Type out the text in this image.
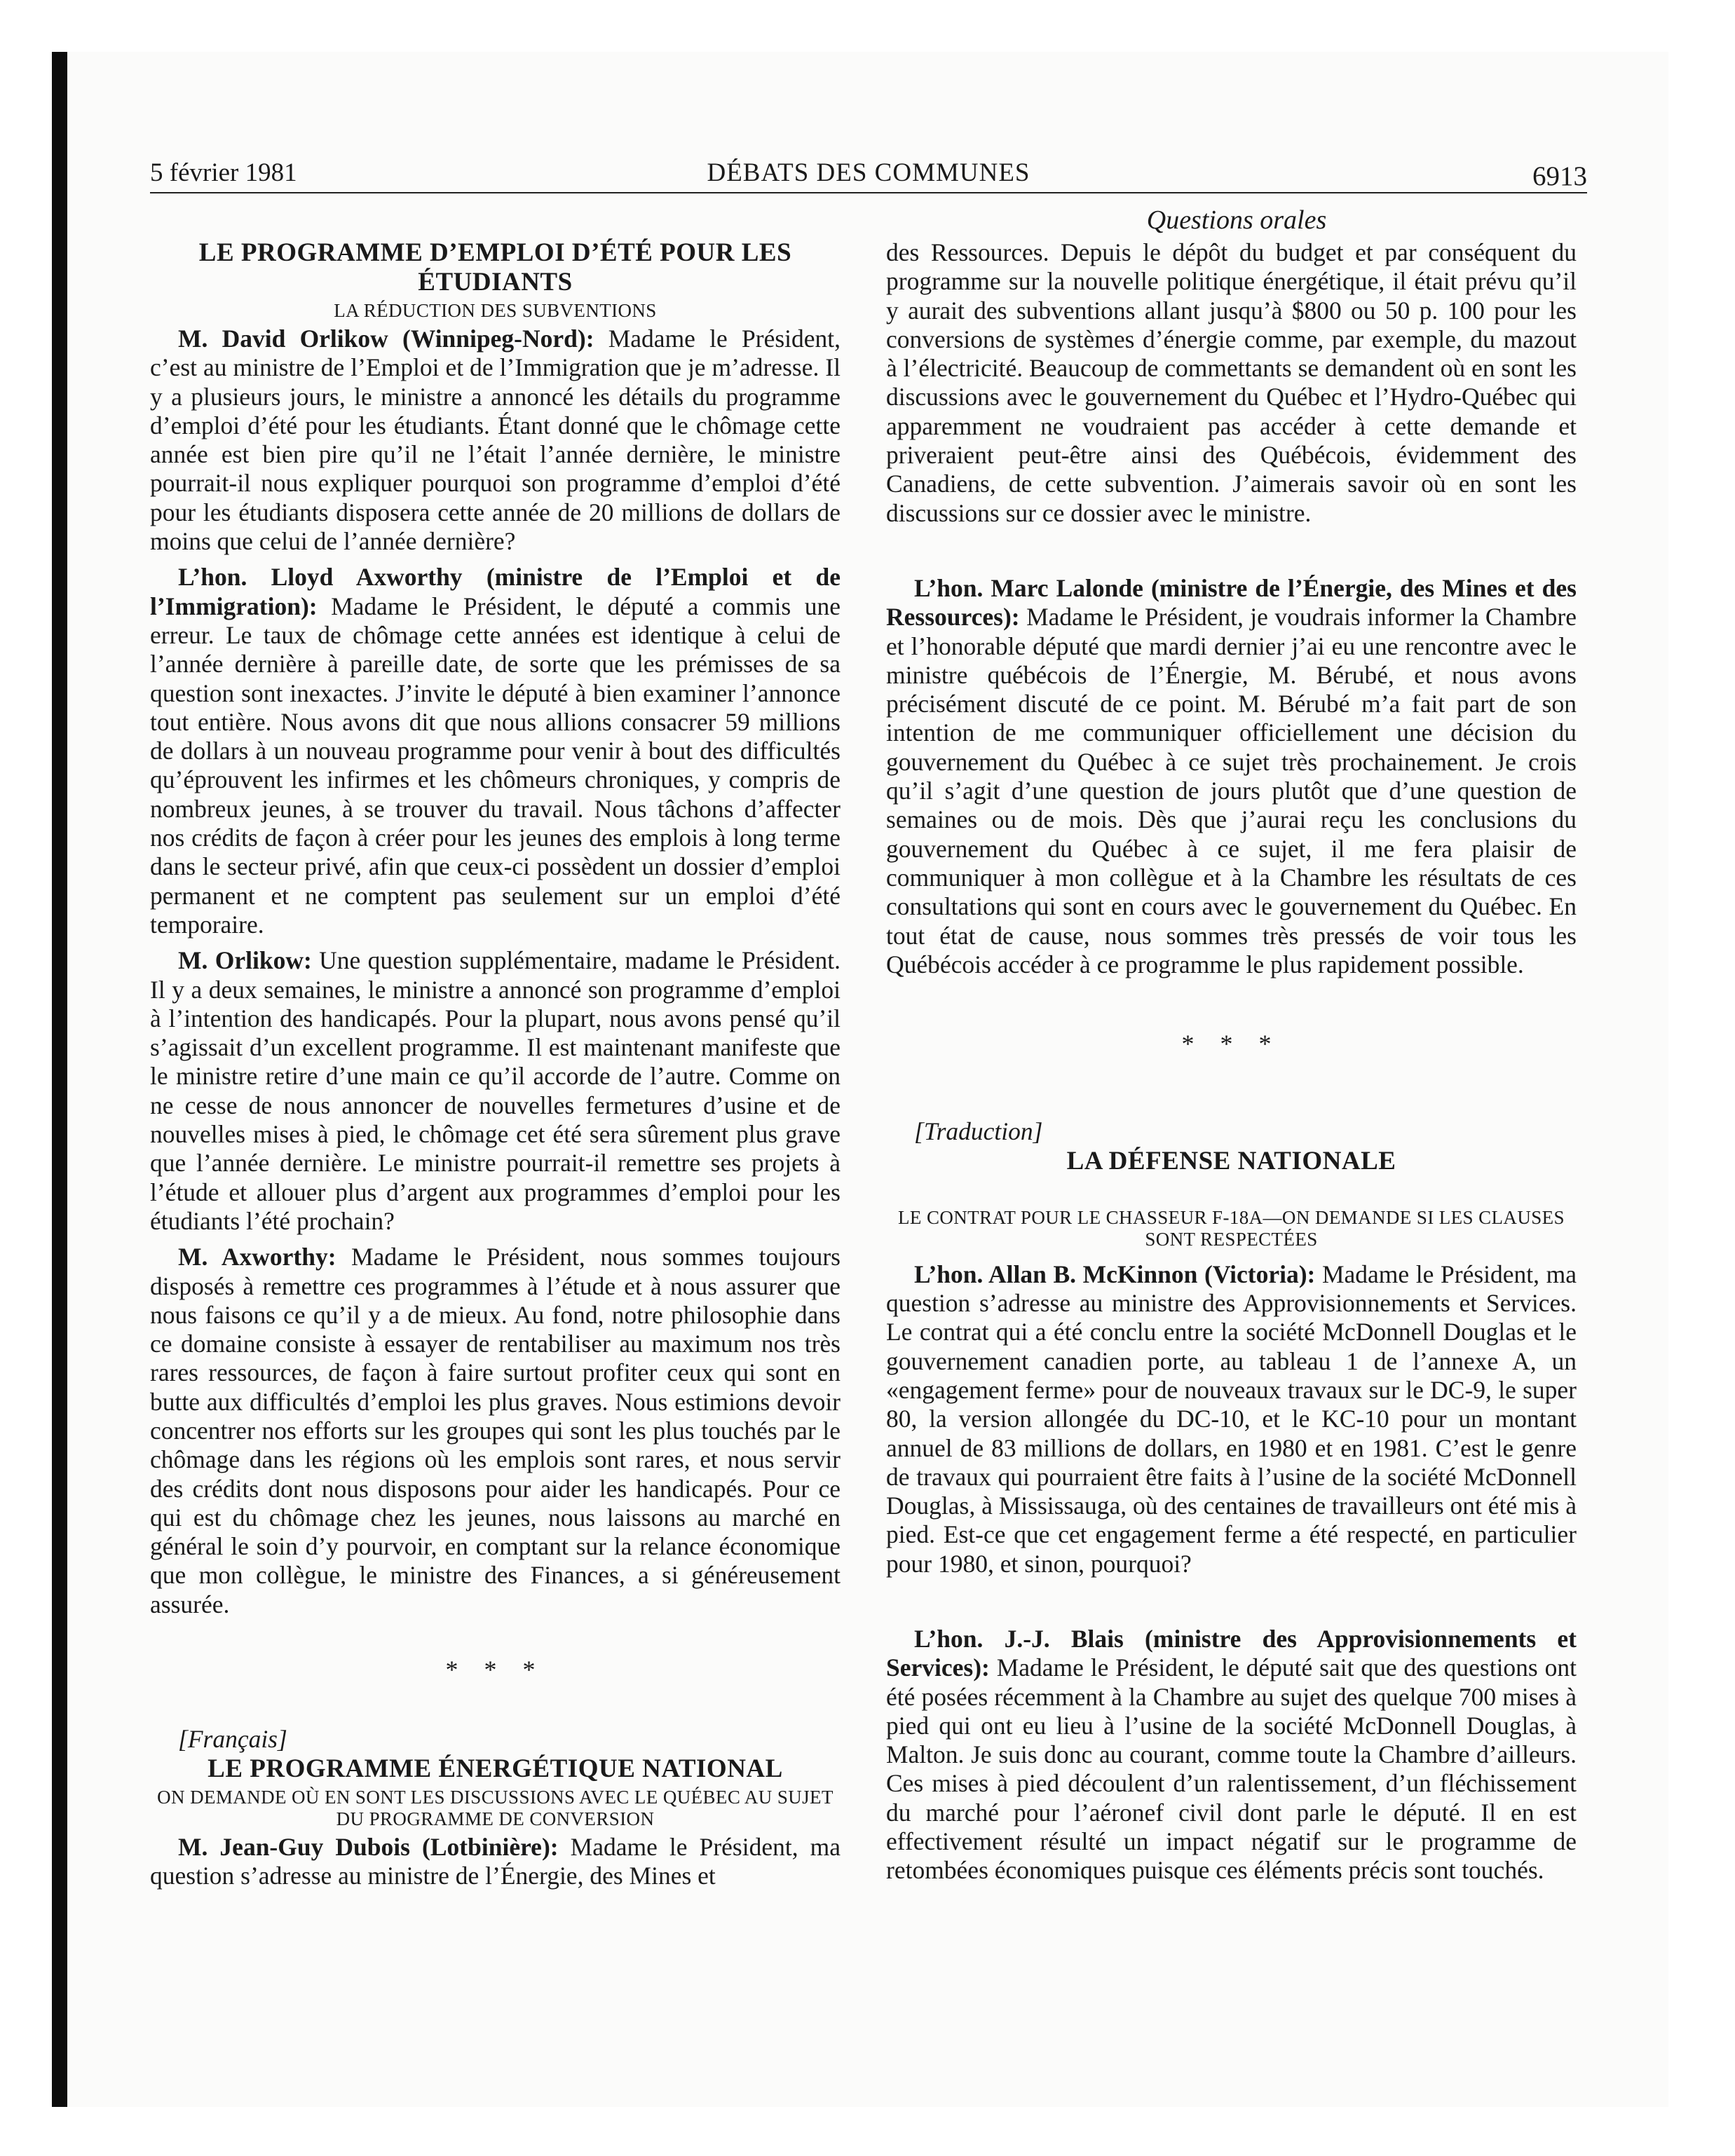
5 février 1981	DÉBATS DES COMMUNES	6913
Questions orales
LE PROGRAMME D’EMPLOI D’ÉTÉ POUR LES ÉTUDIANTS
LA RÉDUCTION DES SUBVENTIONS

M. David Orlikow (Winnipeg-Nord): Madame le Président, c’est au ministre de l’Emploi et de l’Immigration que je m’adresse. Il y a plusieurs jours, le ministre a annoncé les détails du programme d’emploi d’été pour les étudiants. Étant donné que le chômage cette année est bien pire qu’il ne l’était l’année dernière, le ministre pourrait-il nous expliquer pourquoi son programme d’emploi d’été pour les étudiants disposera cette année de 20 millions de dollars de moins que celui de l’année dernière?

L’hon. Lloyd Axworthy (ministre de l’Emploi et de l’Immigration): Madame le Président, le député a commis une erreur. Le taux de chômage cette années est identique à celui de l’année dernière à pareille date, de sorte que les prémisses de sa question sont inexactes. J’invite le député à bien examiner l’annonce tout entière. Nous avons dit que nous allions consacrer 59 millions de dollars à un nouveau programme pour venir à bout des difficultés qu’éprouvent les infirmes et les chômeurs chroniques, y compris de nombreux jeunes, à se trouver du travail. Nous tâchons d’affecter nos crédits de façon à créer pour les jeunes des emplois à long terme dans le secteur privé, afin que ceux-ci possèdent un dossier d’emploi permanent et ne comptent pas seulement sur un emploi d’été temporaire.

M. Orlikow: Une question supplémentaire, madame le Président. Il y a deux semaines, le ministre a annoncé son programme d’emploi à l’intention des handicapés. Pour la plupart, nous avons pensé qu’il s’agissait d’un excellent programme. Il est maintenant manifeste que le ministre retire d’une main ce qu’il accorde de l’autre. Comme on ne cesse de nous annoncer de nouvelles fermetures d’usine et de nouvelles mises à pied, le chômage cet été sera sûrement plus grave que l’année dernière. Le ministre pourrait-il remettre ses projets à l’étude et allouer plus d’argent aux programmes d’emploi pour les étudiants l’été prochain?

M. Axworthy: Madame le Président, nous sommes toujours disposés à remettre ces programmes à l’étude et à nous assurer que nous faisons ce qu’il y a de mieux. Au fond, notre philosophie dans ce domaine consiste à essayer de rentabiliser au maximum nos très rares ressources, de façon à faire surtout profiter ceux qui sont en butte aux difficultés d’emploi les plus graves. Nous estimions devoir concentrer nos efforts sur les groupes qui sont les plus touchés par le chômage dans les régions où les emplois sont rares, et nous servir des crédits dont nous disposons pour aider les handicapés. Pour ce qui est du chômage chez les jeunes, nous laissons au marché en général le soin d’y pourvoir, en comptant sur la relance économique que mon collègue, le ministre des Finances, a si généreusement assurée.

* * *

[Français]

LE PROGRAMME ÉNERGÉTIQUE NATIONAL
ON DEMANDE OÙ EN SONT LES DISCUSSIONS AVEC LE QUÉBEC AU SUJET DU PROGRAMME DE CONVERSION

M. Jean-Guy Dubois (Lotbinière): Madame le Président, ma question s’adresse au ministre de l’Énergie, des Mines et

des Ressources. Depuis le dépôt du budget et par conséquent du programme sur la nouvelle politique énergétique, il était prévu qu’il y aurait des subventions allant jusqu’à $800 ou 50 p. 100 pour les conversions de systèmes d’énergie comme, par exemple, du mazout à l’électricité. Beaucoup de commettants se demandent où en sont les discussions avec le gouvernement du Québec et l’Hydro-Québec qui apparemment ne voudraient pas accéder à cette demande et priveraient peut-être ainsi des Québécois, évidemment des Canadiens, de cette subvention. J’aimerais savoir où en sont les discussions sur ce dossier avec le ministre.

L’hon. Marc Lalonde (ministre de l’Énergie, des Mines et des Ressources): Madame le Président, je voudrais informer la Chambre et l’honorable député que mardi dernier j’ai eu une rencontre avec le ministre québécois de l’Énergie, M. Bérubé, et nous avons précisément discuté de ce point. M. Bérubé m’a fait part de son intention de me communiquer officiellement une décision du gouvernement du Québec à ce sujet très prochainement. Je crois qu’il s’agit d’une question de jours plutôt que d’une question de semaines ou de mois. Dès que j’aurai reçu les conclusions du gouvernement du Québec à ce sujet, il me fera plaisir de communiquer à mon collègue et à la Chambre les résultats de ces consultations qui sont en cours avec le gouvernement du Québec. En tout état de cause, nous sommes très pressés de voir tous les Québécois accéder à ce programme le plus rapidement possible.

* * *

[Traduction]

LA DÉFENSE NATIONALE
LE CONTRAT POUR LE CHASSEUR F-18A—ON DEMANDE SI LES CLAUSES SONT RESPECTÉES

L’hon. Allan B. McKinnon (Victoria): Madame le Président, ma question s’adresse au ministre des Approvisionnements et Services. Le contrat qui a été conclu entre la société McDonnell Douglas et le gouvernement canadien porte, au tableau 1 de l’annexe A, un «engagement ferme» pour de nouveaux travaux sur le DC-9, le super 80, la version allongée du DC-10, et le KC-10 pour un montant annuel de 83 millions de dollars, en 1980 et en 1981. C’est le genre de travaux qui pourraient être faits à l’usine de la société McDonnell Douglas, à Mississauga, où des centaines de travailleurs ont été mis à pied. Est-ce que cet engagement ferme a été respecté, en particulier pour 1980, et sinon, pourquoi?

L’hon. J.-J. Blais (ministre des Approvisionnements et Services): Madame le Président, le député sait que des questions ont été posées récemment à la Chambre au sujet des quelque 700 mises à pied qui ont eu lieu à l’usine de la société McDonnell Douglas, à Malton. Je suis donc au courant, comme toute la Chambre d’ailleurs. Ces mises à pied découlent d’un ralentissement, d’un fléchissement du marché pour l’aéronef civil dont parle le député. Il en est effectivement résulté un impact négatif sur le programme de retombées économiques puisque ces éléments précis sont touchés.
